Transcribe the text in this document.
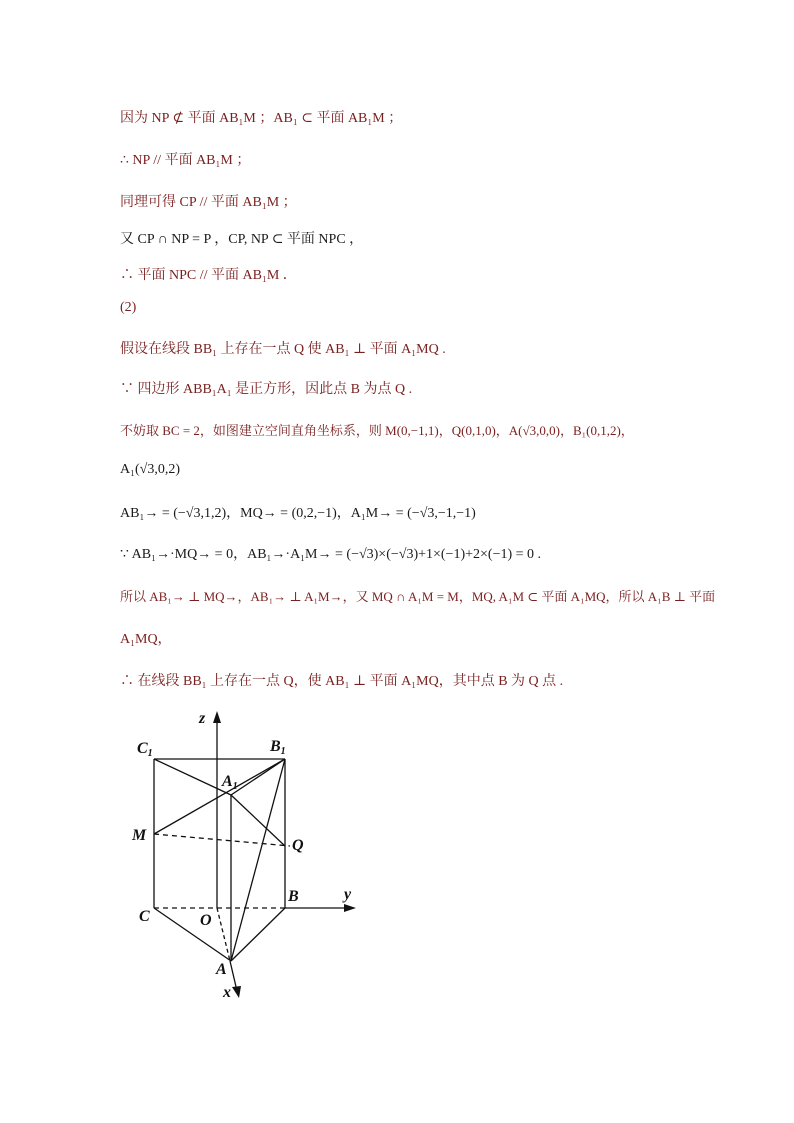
因为 NP ⊄ 平面 AB₁M ；AB₁ ⊂ 平面 AB₁M ；
∴ NP // 平面 AB₁M ；
同理可得 CP // 平面 AB₁M ；
又 CP ∩ NP = P ，CP, NP ⊂ 平面 NPC ，
∴ 平面 NPC // 平面 AB₁M ．
(2)
假设在线段 BB₁ 上存在一点 Q 使 AB₁ ⊥ 平面 A₁MQ .
∵ 四边形 ABB₁A₁ 是正方形，因此点 B 为点 Q .
不妨取 BC = 2，如图建立空间直角坐标系，则 M(0,−1,1)，Q(0,1,0)，A(√3,0,0)，B₁(0,1,2)，
A₁(√3,0,2)
AB₁→ = (−√3,1,2)，MQ→ = (0,2,−1)，A₁M→ = (−√3,−1,−1)
∵ AB₁→·MQ→ = 0，AB₁→·A₁M→ = (−√3)×(−√3)+1×(−1)+2×(−1) = 0 .
所以 AB₁→ ⊥ MQ→，AB₁→ ⊥ A₁M→，又 MQ ∩ A₁M = M，MQ, A₁M ⊂ 平面 A₁MQ，所以 A₁B ⊥ 平面
A₁MQ，
∴ 在线段 BB₁ 上存在一点 Q，使 AB₁ ⊥ 平面 A₁MQ，其中点 B 为 Q 点 .
z
y
x
C1	B1
A1
M
Q
B
C	O
A
